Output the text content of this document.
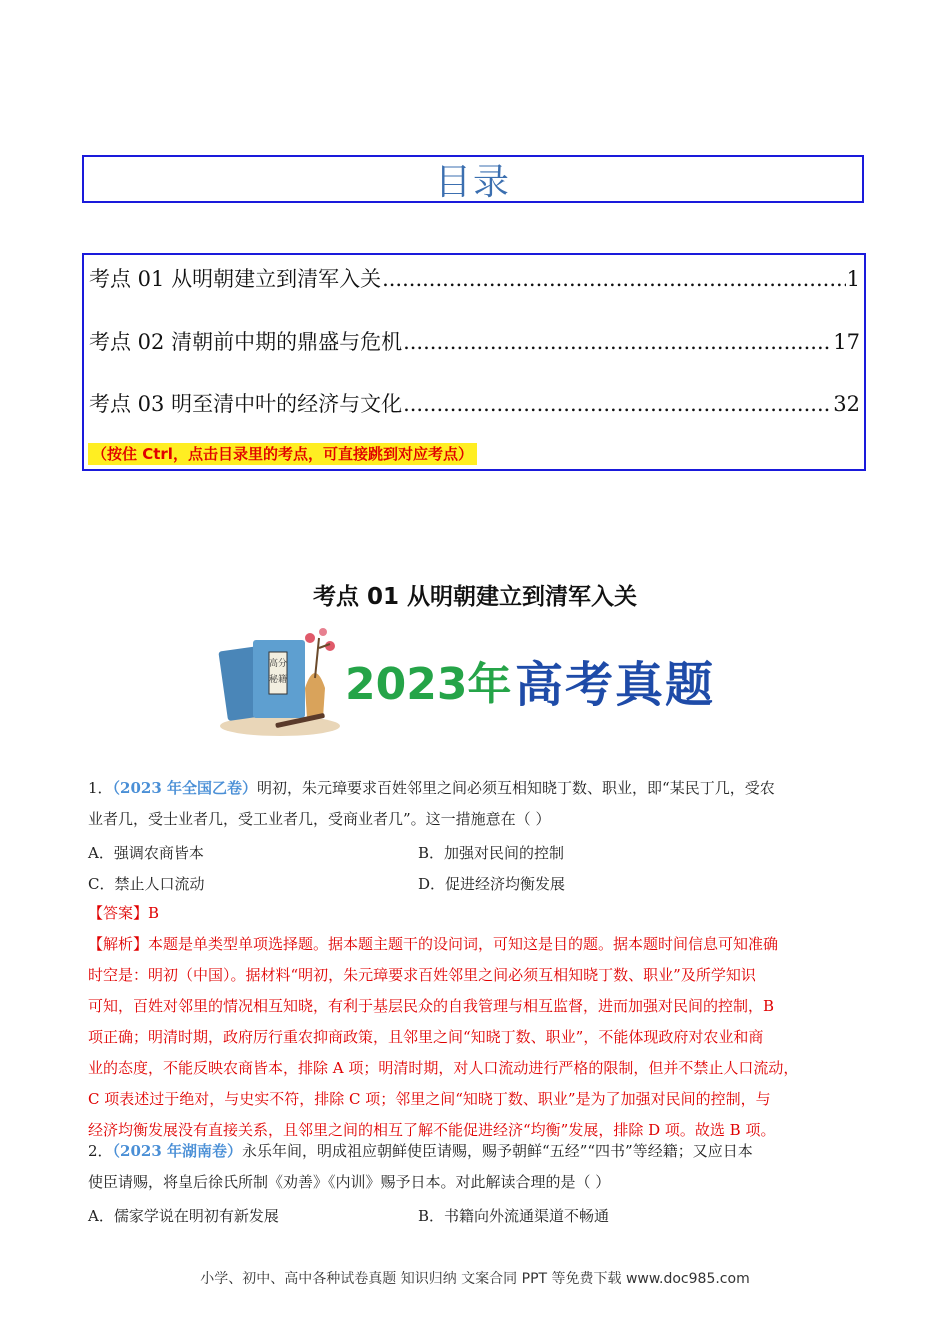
目录
考点 01 从明朝建立到清军入关 .....	1
考点 02 清朝前中期的鼎盛与危机 .....	17
考点 03 明至清中叶的经济与文化 .....	32
（按住 Ctrl，点击目录里的考点，可直接跳到对应考点）
考点 01 从明朝建立到清军入关
高分
秘籍 2023年 高考真题
1．（2023 年全国乙卷）明初，朱元璋要求百姓邻里之间必须互相知晓丁数、职业，即“某民丁几，受农
业者几，受士业者几，受工业者几，受商业者几”。这一措施意在（ ）
A．强调农商皆本	B．加强对民间的控制
C．禁止人口流动	D．促进经济均衡发展
【答案】B
【解析】本题是单类型单项选择题。据本题主题干的设问词，可知这是目的题。据本题时间信息可知准确
时空是：明初（中国）。据材料“明初，朱元璋要求百姓邻里之间必须互相知晓丁数、职业”及所学知识
可知，百姓对邻里的情况相互知晓，有利于基层民众的自我管理与相互监督，进而加强对民间的控制，B
项正确；明清时期，政府厉行重农抑商政策，且邻里之间“知晓丁数、职业”，不能体现政府对农业和商
业的态度，不能反映农商皆本，排除 A 项；明清时期，对人口流动进行严格的限制，但并不禁止人口流动，
C 项表述过于绝对，与史实不符，排除 C 项；邻里之间“知晓丁数、职业”是为了加强对民间的控制，与
经济均衡发展没有直接关系，且邻里之间的相互了解不能促进经济“均衡”发展，排除 D 项。故选 B 项。
2．（2023 年湖南卷）永乐年间，明成祖应朝鲜使臣请赐，赐予朝鲜“五经”“四书”等经籍；又应日本
使臣请赐，将皇后徐氏所制《劝善》《内训》赐予日本。对此解读合理的是（ ）
A．儒家学说在明初有新发展	B．书籍向外流通渠道不畅通
小学、初中、高中各种试卷真题 知识归纳 文案合同 PPT 等免费下载 www.doc985.com
